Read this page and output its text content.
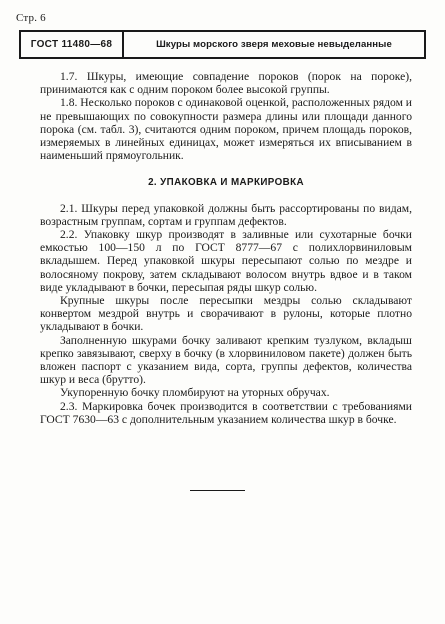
Стр. 6
ГОСТ 11480—68	Шкуры морского зверя меховые невыделанные

1.7. Шкуры, имеющие совпадение пороков (порок на пороке), принимаются как с одним пороком более высокой группы.

1.8. Несколько пороков с одинаковой оценкой, расположенных рядом и не превышающих по совокупности размера длины или площади данного порока (см. табл. 3), считаются одним пороком, причем площадь пороков, измеряемых в линейных единицах, может измеряться их вписыванием в наименьший прямоугольник.

2. УПАКОВКА И МАРКИРОВКА

2.1. Шкуры перед упаковкой должны быть рассортированы по видам, возрастным группам, сортам и группам дефектов.

2.2. Упаковку шкур производят в заливные или сухотарные бочки емкостью 100—150 л по ГОСТ 8777—67 с полихлорвиниловым вкладышем. Перед упаковкой шкуры пересыпают солью по мездре и волосяному покрову, затем складывают волосом внутрь вдвое и в таком виде укладывают в бочки, пересыпая ряды шкур солью.

Крупные шкуры после пересыпки мездры солью складывают конвертом мездрой внутрь и сворачивают в рулоны, которые плотно укладывают в бочки.

Заполненную шкурами бочку заливают крепким тузлуком, вкладыш крепко завязывают, сверху в бочку (в хлорвиниловом пакете) должен быть вложен паспорт с указанием вида, сорта, группы дефектов, количества шкур и веса (брутто).

Укупоренную бочку пломбируют на уторных обручах.

2.3. Маркировка бочек производится в соответствии с требованиями ГОСТ 7630—63 с дополнительным указанием количества шкур в бочке.
